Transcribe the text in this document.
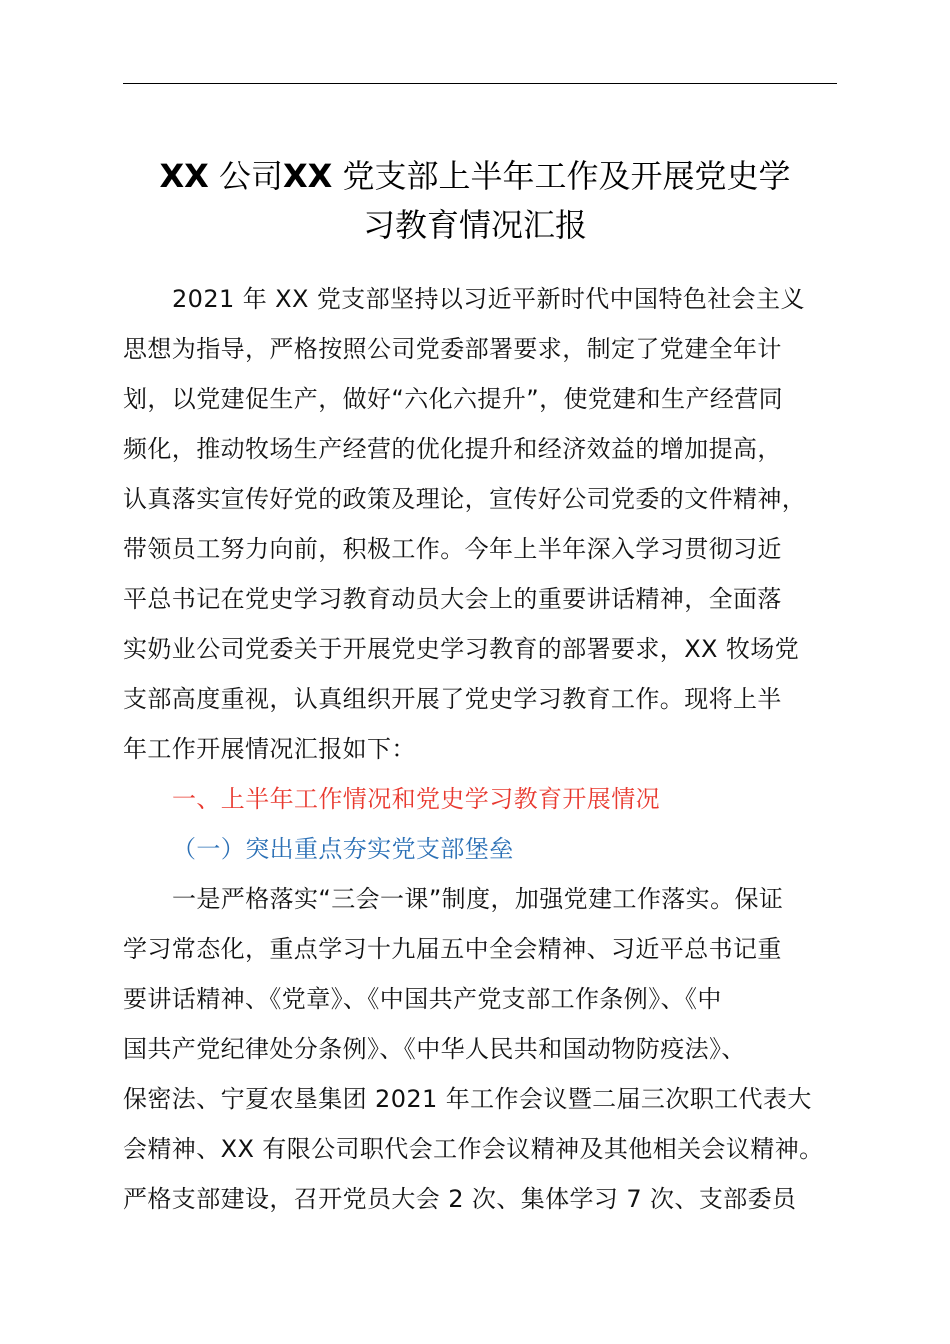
XX 公司XX 党支部上半年工作及开展党史学
习教育情况汇报
2021 年 XX 党支部坚持以习近平新时代中国特色社会主义
思想为指导，严格按照公司党委部署要求，制定了党建全年计
划，以党建促生产，做好“六化六提升”，使党建和生产经营同
频化，推动牧场生产经营的优化提升和经济效益的增加提高，
认真落实宣传好党的政策及理论，宣传好公司党委的文件精神，
带领员工努力向前，积极工作。今年上半年深入学习贯彻习近
平总书记在党史学习教育动员大会上的重要讲话精神，全面落
实奶业公司党委关于开展党史学习教育的部署要求，XX 牧场党
支部高度重视，认真组织开展了党史学习教育工作。现将上半
年工作开展情况汇报如下：
一、上半年工作情况和党史学习教育开展情况
（一）突出重点夯实党支部堡垒
一是严格落实“三会一课”制度，加强党建工作落实。保证
学习常态化，重点学习十九届五中全会精神、习近平总书记重
要讲话精神、《党章》、《中国共产党支部工作条例》、《中
国共产党纪律处分条例》、《中华人民共和国动物防疫法》、
保密法、宁夏农垦集团 2021 年工作会议暨二届三次职工代表大
会精神、XX 有限公司职代会工作会议精神及其他相关会议精神。
严格支部建设，召开党员大会 2 次、集体学习 7 次、支部委员
